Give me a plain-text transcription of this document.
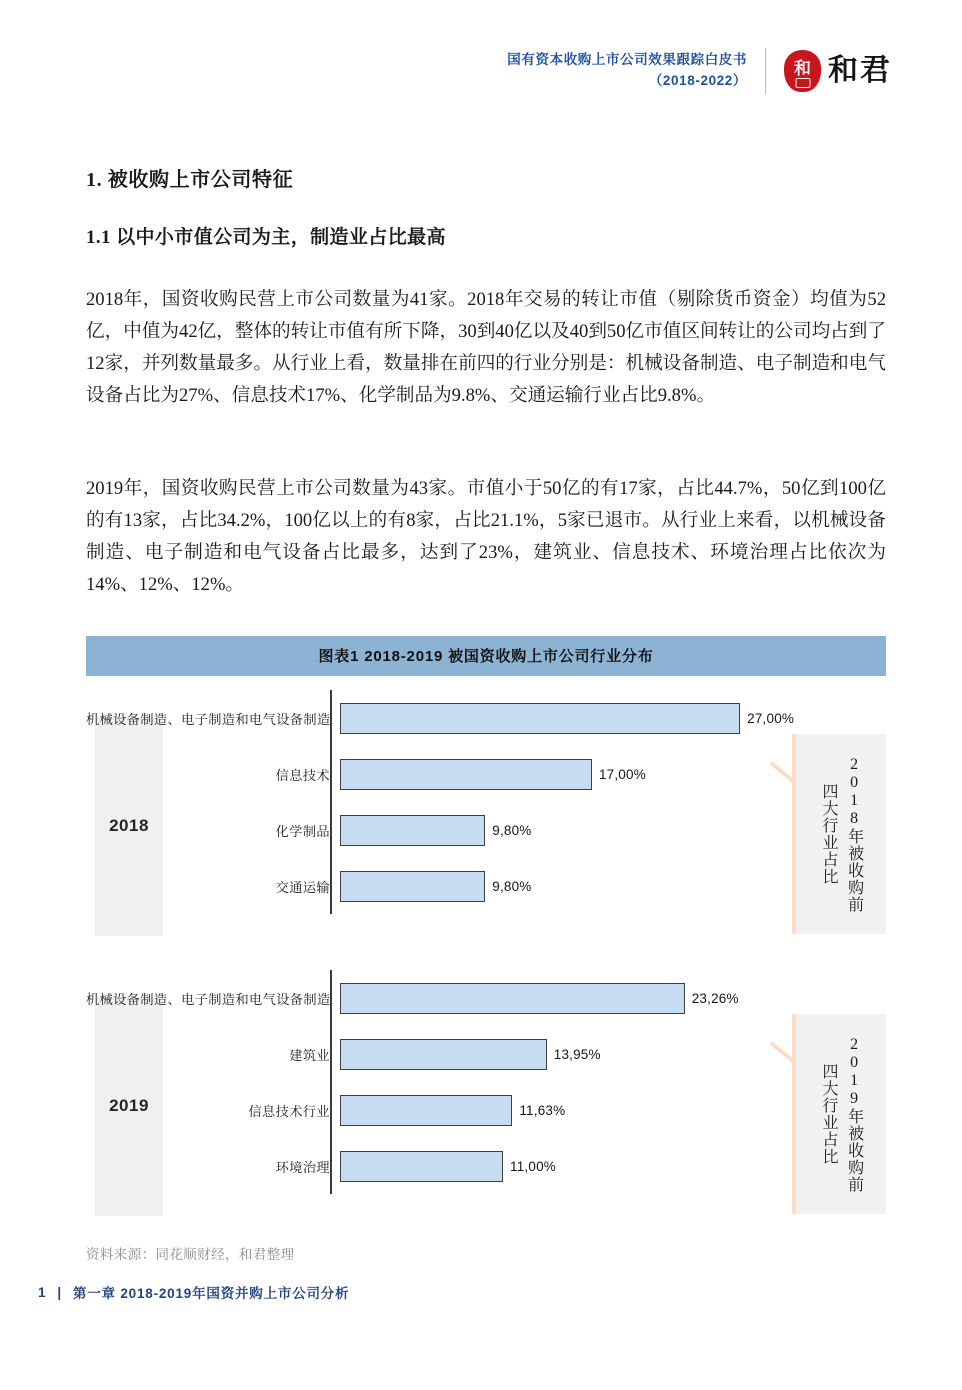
国有资本收购上市公司效果跟踪白皮书
（2018-2022）
和 和君
1. 被收购上市公司特征
1.1 以中小市值公司为主，制造业占比最高
2018年，国资收购民营上市公司数量为41家。2018年交易的转让市值（剔除货币资金）均值为52亿，中值为42亿，整体的转让市值有所下降，30到40亿以及40到50亿市值区间转让的公司均占到了12家，并列数量最多。从行业上看，数量排在前四的行业分别是：机械设备制造、电子制造和电气设备占比为27%、信息技术17%、化学制品为9.8%、交通运输行业占比9.8%。
2019年，国资收购民营上市公司数量为43家。市值小于50亿的有17家，占比44.7%，50亿到100亿的有13家，占比34.2%，100亿以上的有8家，占比21.1%，5家已退市。从行业上来看，以机械设备制造、电子制造和电气设备占比最多，达到了23%，建筑业、信息技术、环境治理占比依次为14%、12%、12%。
图表1 2018-2019 被国资收购上市公司行业分布
2018
机械设备制造、电子制造和电气设备制造	27,00%
信息技术	17,00%
化学制品	9,80%
交通运输	9,80%	2018年被收购前四大行业占比
2019
机械设备制造、电子制造和电气设备制造	23,26%
建筑业	13,95%
信息技术行业	11,63%
环境治理	11,00%	2019年被收购前四大行业占比
资料来源：同花顺财经，和君整理
1 | 第一章 2018-2019年国资并购上市公司分析
